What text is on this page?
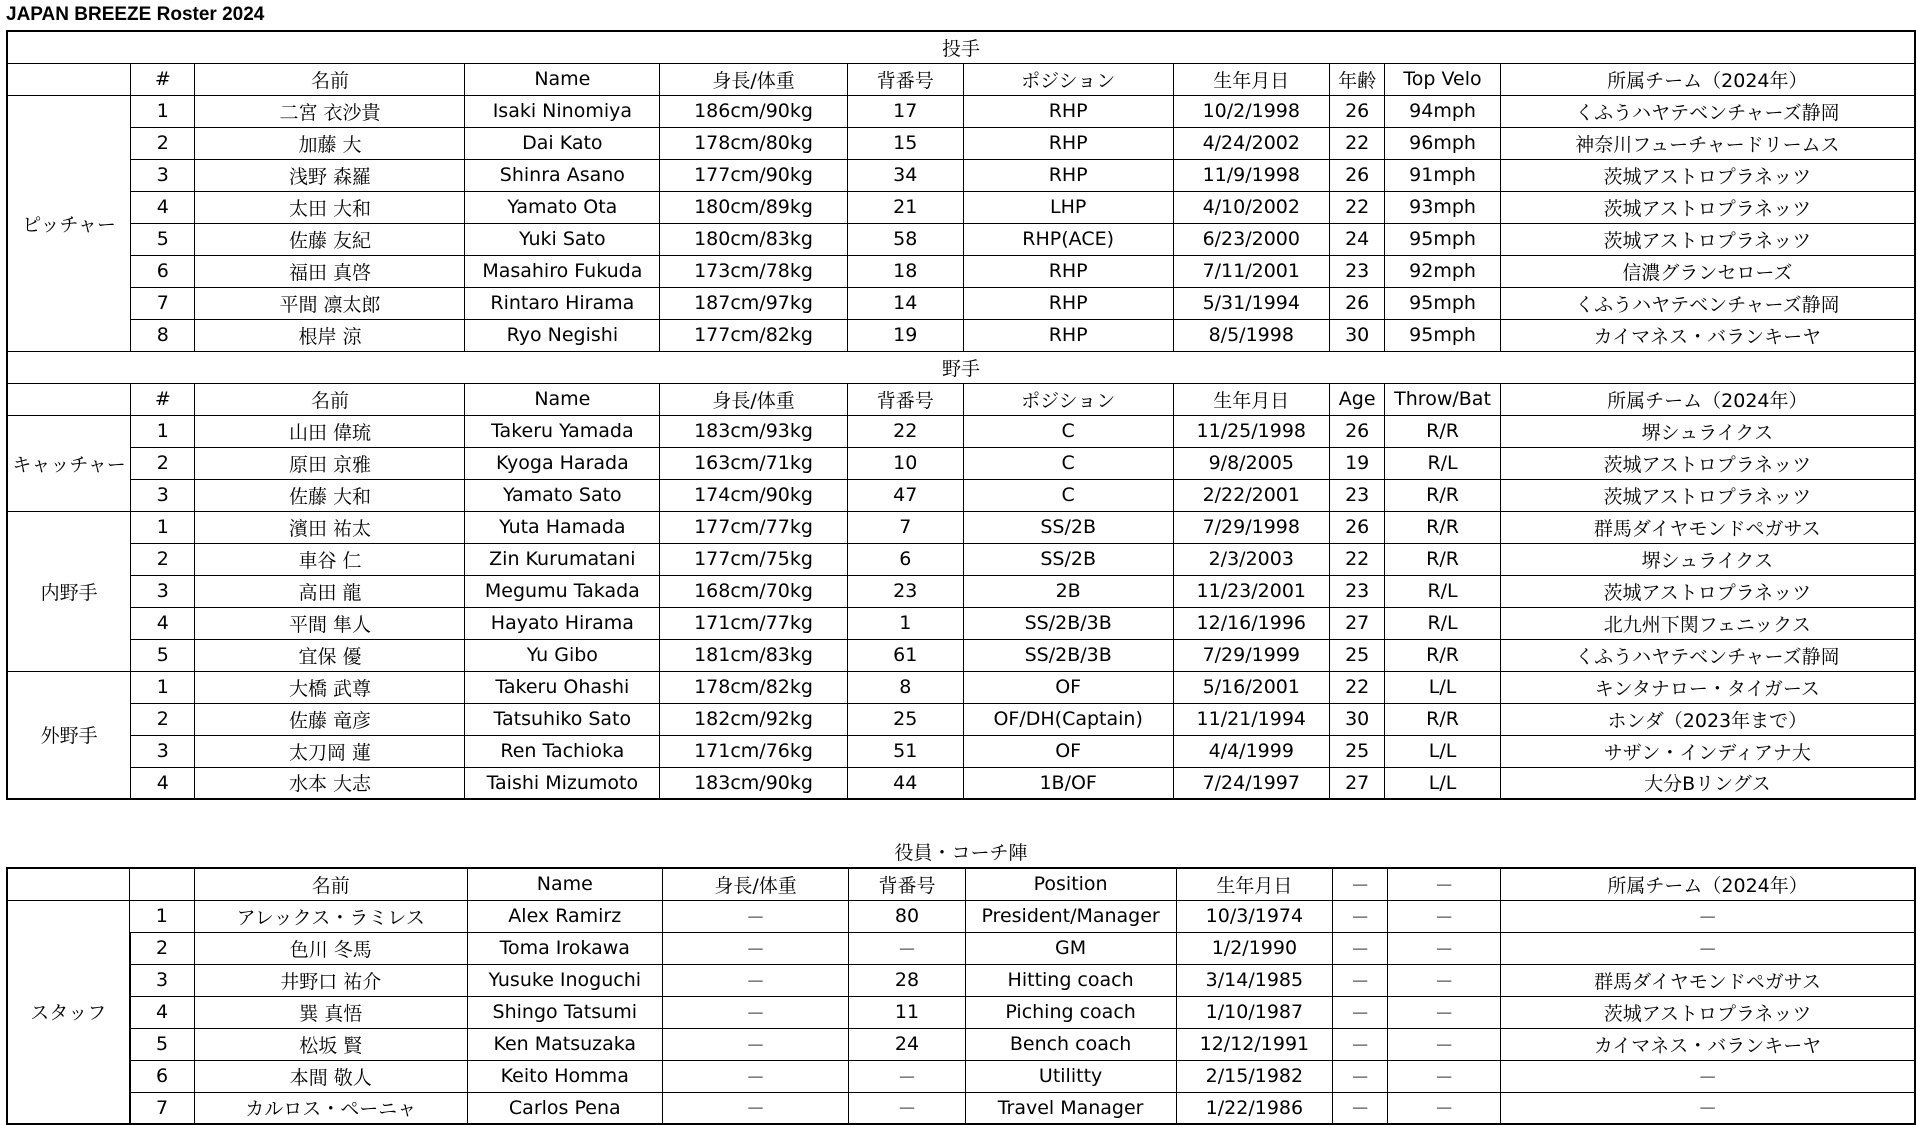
JAPAN BREEZE Roster 2024
投手										
	#	名前	Name	身長/体重	背番号	ポジション	生年月日	年齢	Top Velo	所属チーム（2024年）
ピッチャー	1	二宮 衣沙貴	Isaki Ninomiya	186cm/90kg	17	RHP	10/2/1998	26	94mph	くふうハヤテベンチャーズ静岡
	2	加藤 大	Dai Kato	178cm/80kg	15	RHP	4/24/2002	22	96mph	神奈川フューチャードリームス
	3	浅野 森羅	Shinra Asano	177cm/90kg	34	RHP	11/9/1998	26	91mph	茨城アストロプラネッツ
	4	太田 大和	Yamato Ota	180cm/89kg	21	LHP	4/10/2002	22	93mph	茨城アストロプラネッツ
	5	佐藤 友紀	Yuki Sato	180cm/83kg	58	RHP(ACE)	6/23/2000	24	95mph	茨城アストロプラネッツ
	6	福田 真啓	Masahiro Fukuda	173cm/78kg	18	RHP	7/11/2001	23	92mph	信濃グランセローズ
	7	平間 凛太郎	Rintaro Hirama	187cm/97kg	14	RHP	5/31/1994	26	95mph	くふうハヤテベンチャーズ静岡
	8	根岸 涼	Ryo Negishi	177cm/82kg	19	RHP	8/5/1998	30	95mph	カイマネス・バランキーヤ
野手										
	#	名前	Name	身長/体重	背番号	ポジション	生年月日	Age	Throw/Bat	所属チーム（2024年）
キャッチャー	1	山田 偉琉	Takeru Yamada	183cm/93kg	22	C	11/25/1998	26	R/R	堺シュライクス
	2	原田 京雅	Kyoga Harada	163cm/71kg	10	C	9/8/2005	19	R/L	茨城アストロプラネッツ
	3	佐藤 大和	Yamato Sato	174cm/90kg	47	C	2/22/2001	23	R/R	茨城アストロプラネッツ
内野手	1	濱田 祐太	Yuta Hamada	177cm/77kg	7	SS/2B	7/29/1998	26	R/R	群馬ダイヤモンドペガサス
	2	車谷 仁	Zin Kurumatani	177cm/75kg	6	SS/2B	2/3/2003	22	R/R	堺シュライクス
	3	高田 龍	Megumu Takada	168cm/70kg	23	2B	11/23/2001	23	R/L	茨城アストロプラネッツ
	4	平間 隼人	Hayato Hirama	171cm/77kg	1	SS/2B/3B	12/16/1996	27	R/L	北九州下関フェニックス
	5	宜保 優	Yu Gibo	181cm/83kg	61	SS/2B/3B	7/29/1999	25	R/R	くふうハヤテベンチャーズ静岡
外野手	1	大橋 武尊	Takeru Ohashi	178cm/82kg	8	OF	5/16/2001	22	L/L	キンタナロー・タイガース
	2	佐藤 竜彦	Tatsuhiko Sato	182cm/92kg	25	OF/DH(Captain)	11/21/1994	30	R/R	ホンダ（2023年まで）
	3	太刀岡 蓮	Ren Tachioka	171cm/76kg	51	OF	4/4/1999	25	L/L	サザン・インディアナ大
	4	水本 大志	Taishi Mizumoto	183cm/90kg	44	1B/OF	7/24/1997	27	L/L	大分Bリングス
役員・コーチ陣										
		名前	Name	身長/体重	背番号	Position	生年月日	－	－	所属チーム（2024年）
スタッフ	1	アレックス・ラミレス	Alex Ramirz	－	80	President/Manager	10/3/1974	－	－	－
	2	色川 冬馬	Toma Irokawa	－	－	GM	1/2/1990	－	－	－
	3	井野口 祐介	Yusuke Inoguchi	－	28	Hitting coach	3/14/1985	－	－	群馬ダイヤモンドペガサス
	4	巽 真悟	Shingo Tatsumi	－	11	Piching coach	1/10/1987	－	－	茨城アストロプラネッツ
	5	松坂 賢	Ken Matsuzaka	－	24	Bench coach	12/12/1991	－	－	カイマネス・バランキーヤ
	6	本間 敬人	Keito Homma	－	－	Utilitty	2/15/1982	－	－	－
	7	カルロス・ペーニャ	Carlos Pena	－	－	Travel Manager	1/22/1986	－	－	－
